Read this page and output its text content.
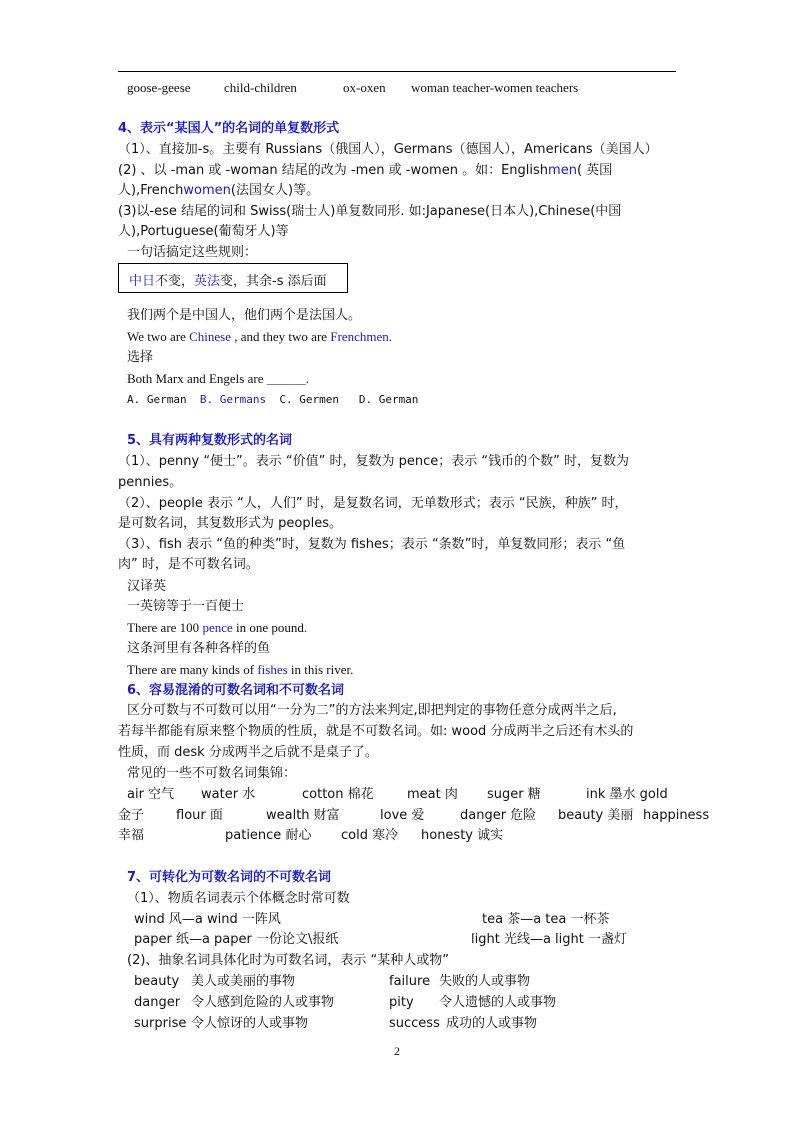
goose-geese	child-children	ox-oxen woman teacher-women teachers
4、表示“某国人”的名词的单复数形式
（1）、直接加-s。主要有 Russians（俄国人），Germans（德国人），Americans（美国人）
(2) 、以 -man 或 -woman 结尾的改为 -men 或 -women 。如：Englishmen( 英国
人),Frenchwomen(法国女人)等。
(3)以-ese 结尾的词和 Swiss(瑞士人)单复数同形. 如:Japanese(日本人),Chinese(中国
人),Portuguese(葡萄牙人)等
一句话搞定这些规则：
中日不变，英法变，其余-s 添后面
我们两个是中国人，他们两个是法国人。
We two are Chinese , and they two are Frenchmen.
选择
Both Marx and Engels are ＿＿＿.
A. German B. Germans C. Germen D. German
5、具有两种复数形式的名词
（1）、penny “便士”。表示 “价值” 时，复数为 pence；表示 “钱币的个数” 时，复数为
pennies。
（2）、people 表示 “人，人们” 时，是复数名词，无单数形式；表示 “民族，种族” 时，
是可数名词，其复数形式为 peoples。
（3）、fish 表示 “鱼的种类”时，复数为 fishes；表示 “条数”时，单复数同形；表示 “鱼
肉” 时，是不可数名词。
汉译英
一英镑等于一百便士
There are 100 pence in one pound.
这条河里有各种各样的鱼
There are many kinds of fishes in this river.
6、容易混淆的可数名词和不可数名词
区分可数与不可数可以用“一分为二”的方法来判定,即把判定的事物任意分成两半之后,
若每半都能有原来整个物质的性质，就是不可数名词。如: wood 分成两半之后还有木头的
性质，而 desk 分成两半之后就不是桌子了。
常见的一些不可数名词集锦：
air 空气 water 水	cotton 棉花	meat 肉 suger 糖	ink 墨水 gold
金子 flour 面	wealth 财富	love 爱	danger 危险 beauty 美丽 happiness
幸福	patience 耐心 cold 寒冷 honesty 诚实
7、可转化为可数名词的不可数名词
（1）、物质名词表示个体概念时常可数
wind 风—a wind 一阵风	tea 茶—a tea 一杯茶
paper 纸—a paper 一份论文\报纸	light 光线—a light 一盏灯
(2)、抽象名词具体化时为可数名词，表示 “某种人或物”
beauty 美人或美丽的事物	failure 失败的人或事物
danger 令人感到危险的人或事物	pity 令人遗憾的人或事物
surprise 令人惊讶的人或事物	success 成功的人或事物
2
